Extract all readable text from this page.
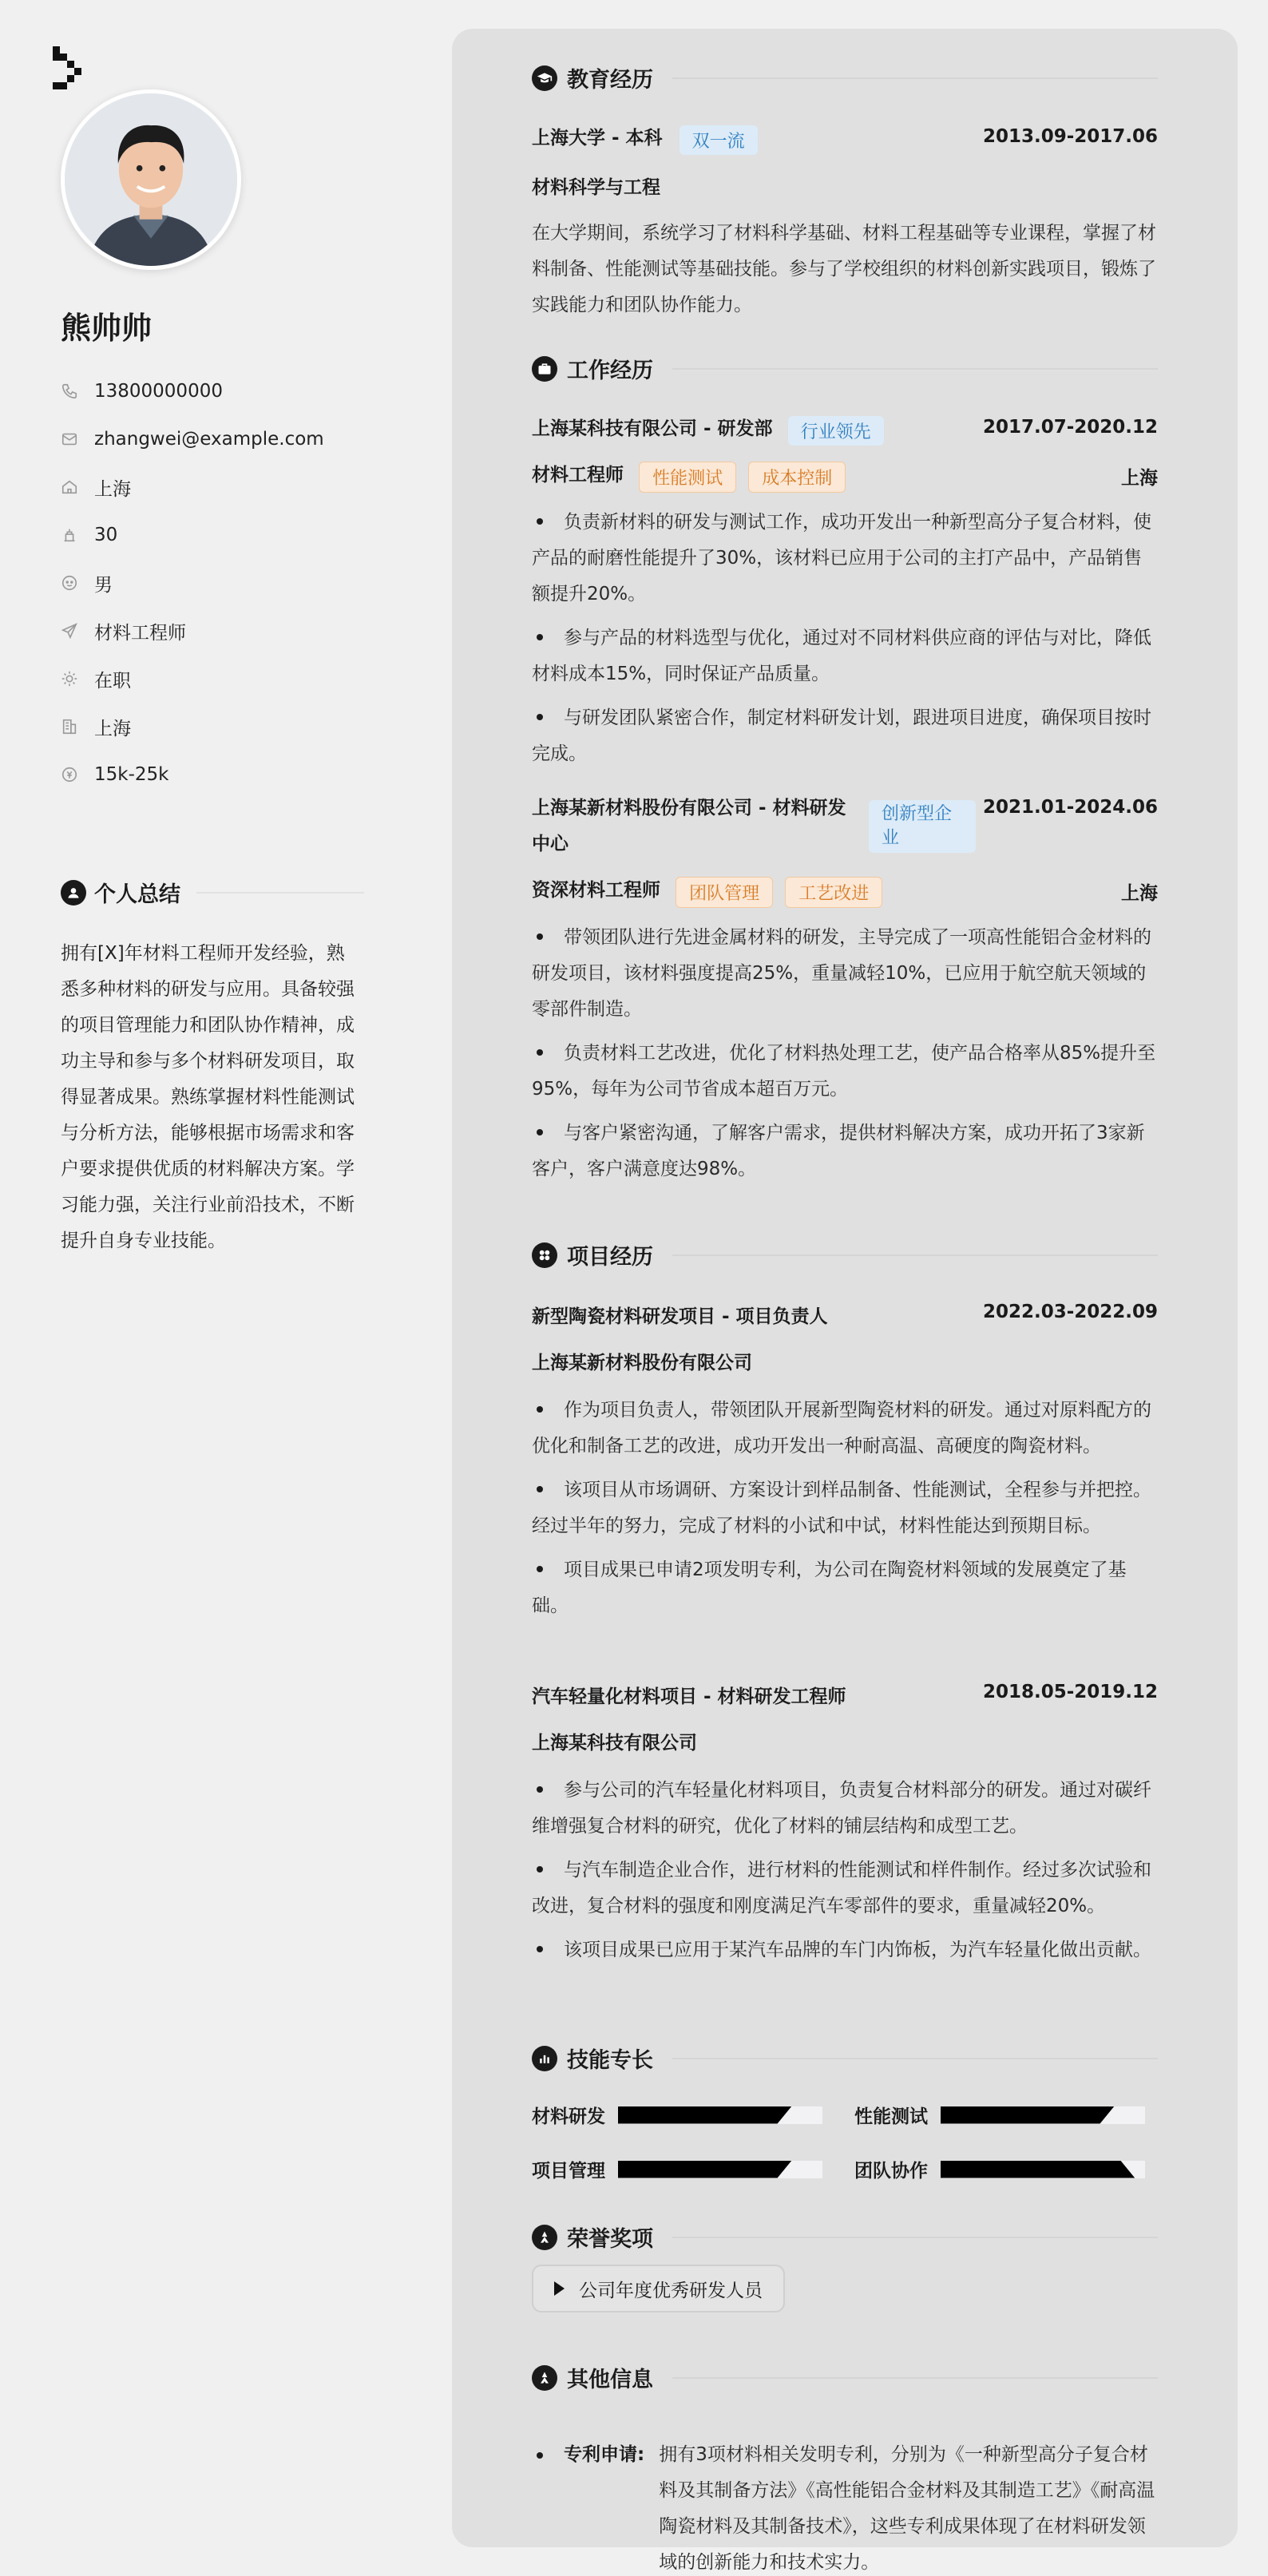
熊帅帅
13800000000
zhangwei@example.com
上海
30
男
材料工程师
在职
上海
15k-25k
个人总结
拥有[X]年材料工程师开发经验，熟悉多种材料的研发与应用。具备较强的项目管理能力和团队协作精神，成功主导和参与多个材料研发项目，取得显著成果。熟练掌握材料性能测试与分析方法，能够根据市场需求和客户要求提供优质的材料解决方案。学习能力强，关注行业前沿技术，不断提升自身专业技能。
教育经历
上海大学 - 本科 双一流	2013.09-2017.06
材料科学与工程
在大学期间，系统学习了材料科学基础、材料工程基础等专业课程，掌握了材料制备、性能测试等基础技能。参与了学校组织的材料创新实践项目，锻炼了实践能力和团队协作能力。
工作经历
上海某科技有限公司 - 研发部 行业领先	2017.07-2020.12
材料工程师 性能测试 成本控制	上海
负责新材料的研发与测试工作，成功开发出一种新型高分子复合材料，使产品的耐磨性能提升了30%，该材料已应用于公司的主打产品中，产品销售额提升20%。
参与产品的材料选型与优化，通过对不同材料供应商的评估与对比，降低材料成本15%，同时保证产品质量。
与研发团队紧密合作，制定材料研发计划，跟进项目进度，确保项目按时完成。
上海某新材料股份有限公司 - 材料研发中心
创新型企业
2021.01-2024.06
资深材料工程师 团队管理 工艺改进	上海
带领团队进行先进金属材料的研发，主导完成了一项高性能铝合金材料的研发项目，该材料强度提高25%，重量减轻10%，已应用于航空航天领域的零部件制造。
负责材料工艺改进，优化了材料热处理工艺，使产品合格率从85%提升至95%，每年为公司节省成本超百万元。
与客户紧密沟通，了解客户需求，提供材料解决方案，成功开拓了3家新客户，客户满意度达98%。
项目经历
新型陶瓷材料研发项目 - 项目负责人	2022.03-2022.09
上海某新材料股份有限公司
作为项目负责人，带领团队开展新型陶瓷材料的研发。通过对原料配方的优化和制备工艺的改进，成功开发出一种耐高温、高硬度的陶瓷材料。
该项目从市场调研、方案设计到样品制备、性能测试，全程参与并把控。经过半年的努力，完成了材料的小试和中试，材料性能达到预期目标。
项目成果已申请2项发明专利，为公司在陶瓷材料领域的发展奠定了基础。
汽车轻量化材料项目 - 材料研发工程师	2018.05-2019.12
上海某科技有限公司
参与公司的汽车轻量化材料项目，负责复合材料部分的研发。通过对碳纤维增强复合材料的研究，优化了材料的铺层结构和成型工艺。
与汽车制造企业合作，进行材料的性能测试和样件制作。经过多次试验和改进，复合材料的强度和刚度满足汽车零部件的要求，重量减轻20%。
该项目成果已应用于某汽车品牌的车门内饰板，为汽车轻量化做出贡献。
技能专长
材料研发	性能测试
项目管理	团队协作
荣誉奖项
公司年度优秀研发人员
其他信息
专利申请: 拥有3项材料相关发明专利，分别为《一种新型高分子复合材料及其制备方法》《高性能铝合金材料及其制造工艺》《耐高温陶瓷材料及其制备技术》，这些专利成果体现了在材料研发领域的创新能力和技术实力。
